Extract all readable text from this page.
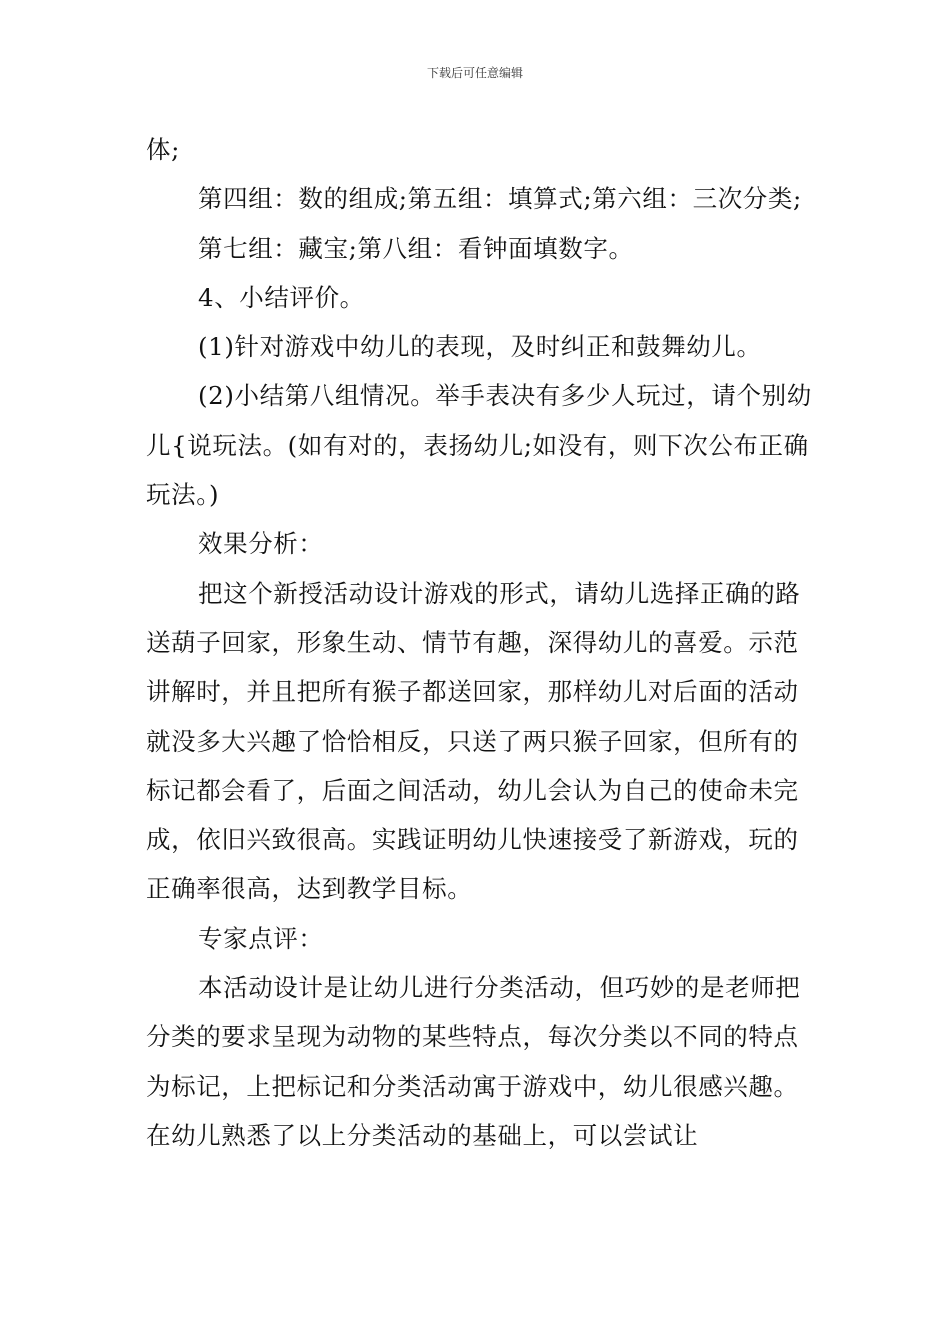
下载后可任意编辑

体;

第四组：数的组成;第五组：填算式;第六组：三次分类;

第七组：藏宝;第八组：看钟面填数字。

4、小结评价。

(1)针对游戏中幼儿的表现，及时纠正和鼓舞幼儿。

(2)小结第八组情况。举手表决有多少人玩过，请个别幼儿{说玩法。(如有对的，表扬幼儿;如没有，则下次公布正确玩法。)

效果分析：

把这个新授活动设计游戏的形式，请幼儿选择正确的路送葫子回家，形象生动、情节有趣，深得幼儿的喜爱。示范讲解时，并且把所有猴子都送回家，那样幼儿对后面的活动就没多大兴趣了恰恰相反，只送了两只猴子回家，但所有的标记都会看了，后面之间活动，幼儿会认为自己的使命未完成，依旧兴致很高。实践证明幼儿快速接受了新游戏，玩的正确率很高，达到教学目标。

专家点评：

本活动设计是让幼儿进行分类活动，但巧妙的是老师把分类的要求呈现为动物的某些特点，每次分类以不同的特点为标记，上把标记和分类活动寓于游戏中，幼儿很感兴趣。在幼儿熟悉了以上分类活动的基础上，可以尝试让
